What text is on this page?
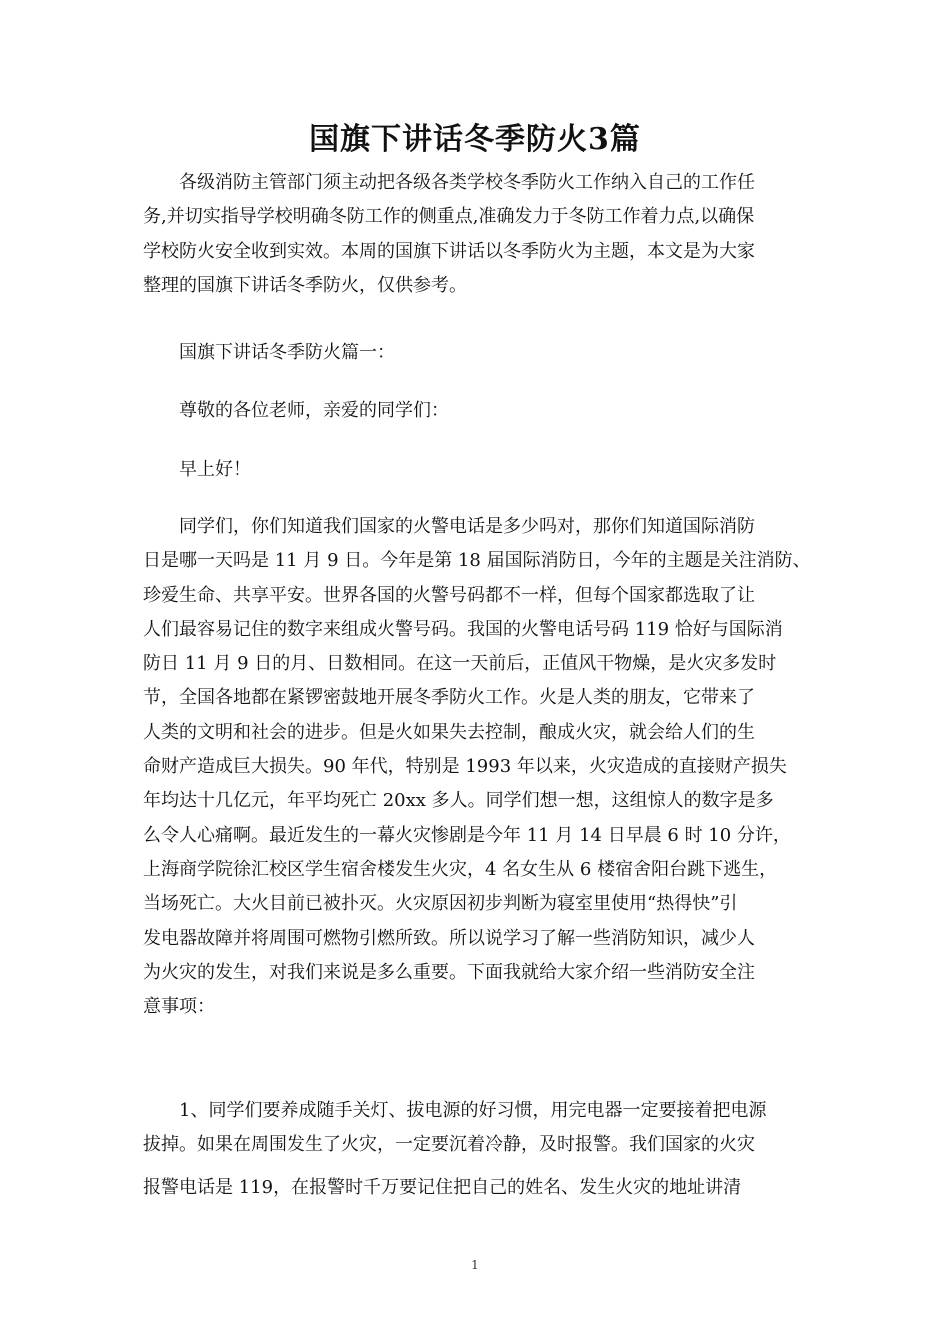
国旗下讲话冬季防火3篇

各级消防主管部门须主动把各级各类学校冬季防火工作纳入自己的工作任
务,并切实指导学校明确冬防工作的侧重点,准确发力于冬防工作着力点,以确保
学校防火安全收到实效。本周的国旗下讲话以冬季防火为主题，本文是为大家
整理的国旗下讲话冬季防火，仅供参考。

国旗下讲话冬季防火篇一：

尊敬的各位老师，亲爱的同学们：

早上好！

同学们，你们知道我们国家的火警电话是多少吗对，那你们知道国际消防
日是哪一天吗是 11 月 9 日。今年是第 18 届国际消防日，今年的主题是关注消防、
珍爱生命、共享平安。世界各国的火警号码都不一样，但每个国家都选取了让
人们最容易记住的数字来组成火警号码。我国的火警电话号码 119 恰好与国际消
防日 11 月 9 日的月、日数相同。在这一天前后，正值风干物燥，是火灾多发时
节，全国各地都在紧锣密鼓地开展冬季防火工作。火是人类的朋友，它带来了
人类的文明和社会的进步。但是火如果失去控制，酿成火灾，就会给人们的生
命财产造成巨大损失。90 年代，特别是 1993 年以来，火灾造成的直接财产损失
年均达十几亿元，年平均死亡 20xx 多人。同学们想一想，这组惊人的数字是多
么令人心痛啊。最近发生的一幕火灾惨剧是今年 11 月 14 日早晨 6 时 10 分许，
上海商学院徐汇校区学生宿舍楼发生火灾，4 名女生从 6 楼宿舍阳台跳下逃生，
当场死亡。大火目前已被扑灭。火灾原因初步判断为寝室里使用“热得快”引
发电器故障并将周围可燃物引燃所致。所以说学习了解一些消防知识，减少人
为火灾的发生，对我们来说是多么重要。下面我就给大家介绍一些消防安全注
意事项：

1、同学们要养成随手关灯、拔电源的好习惯，用完电器一定要接着把电源
拔掉。如果在周围发生了火灾，一定要沉着冷静，及时报警。我们国家的火灾
报警电话是 119，在报警时千万要记住把自己的姓名、发生火灾的地址讲清

1
